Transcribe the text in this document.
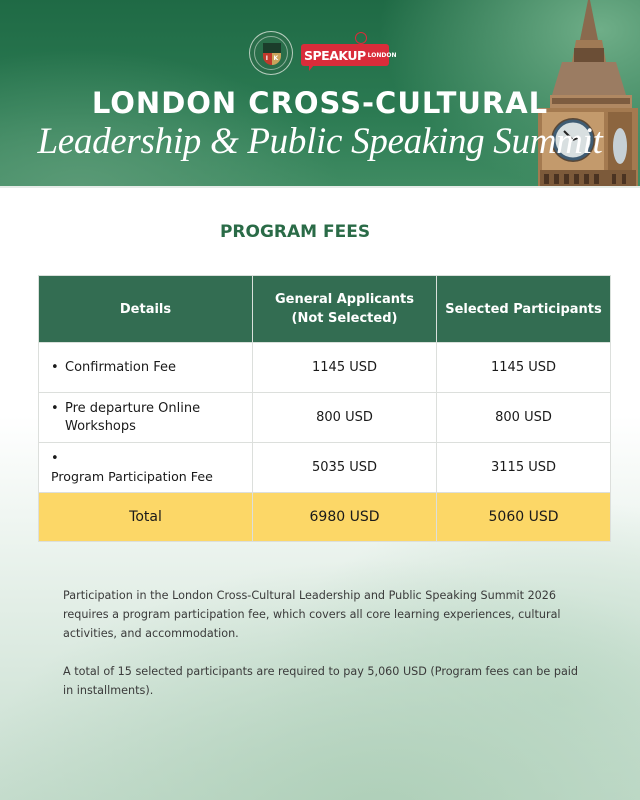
I K SPEAKUP LONDON
LONDON CROSS-CULTURAL
Leadership & Public Speaking Summit
PROGRAM FEES
Details	General Applicants (Not Selected)	Selected Participants
• Confirmation Fee	1145 USD	1145 USD
• Pre departure Online Workshops	800 USD	800 USD
•Program Participation Fee	5035 USD	3115 USD
Total	6980 USD	5060 USD

Participation in the London Cross-Cultural Leadership and Public Speaking Summit 2026 requires a program participation fee, which covers all core learning experiences, cultural activities, and accommodation.

A total of 15 selected participants are required to pay 5,060 USD (Program fees can be paid in installments).
